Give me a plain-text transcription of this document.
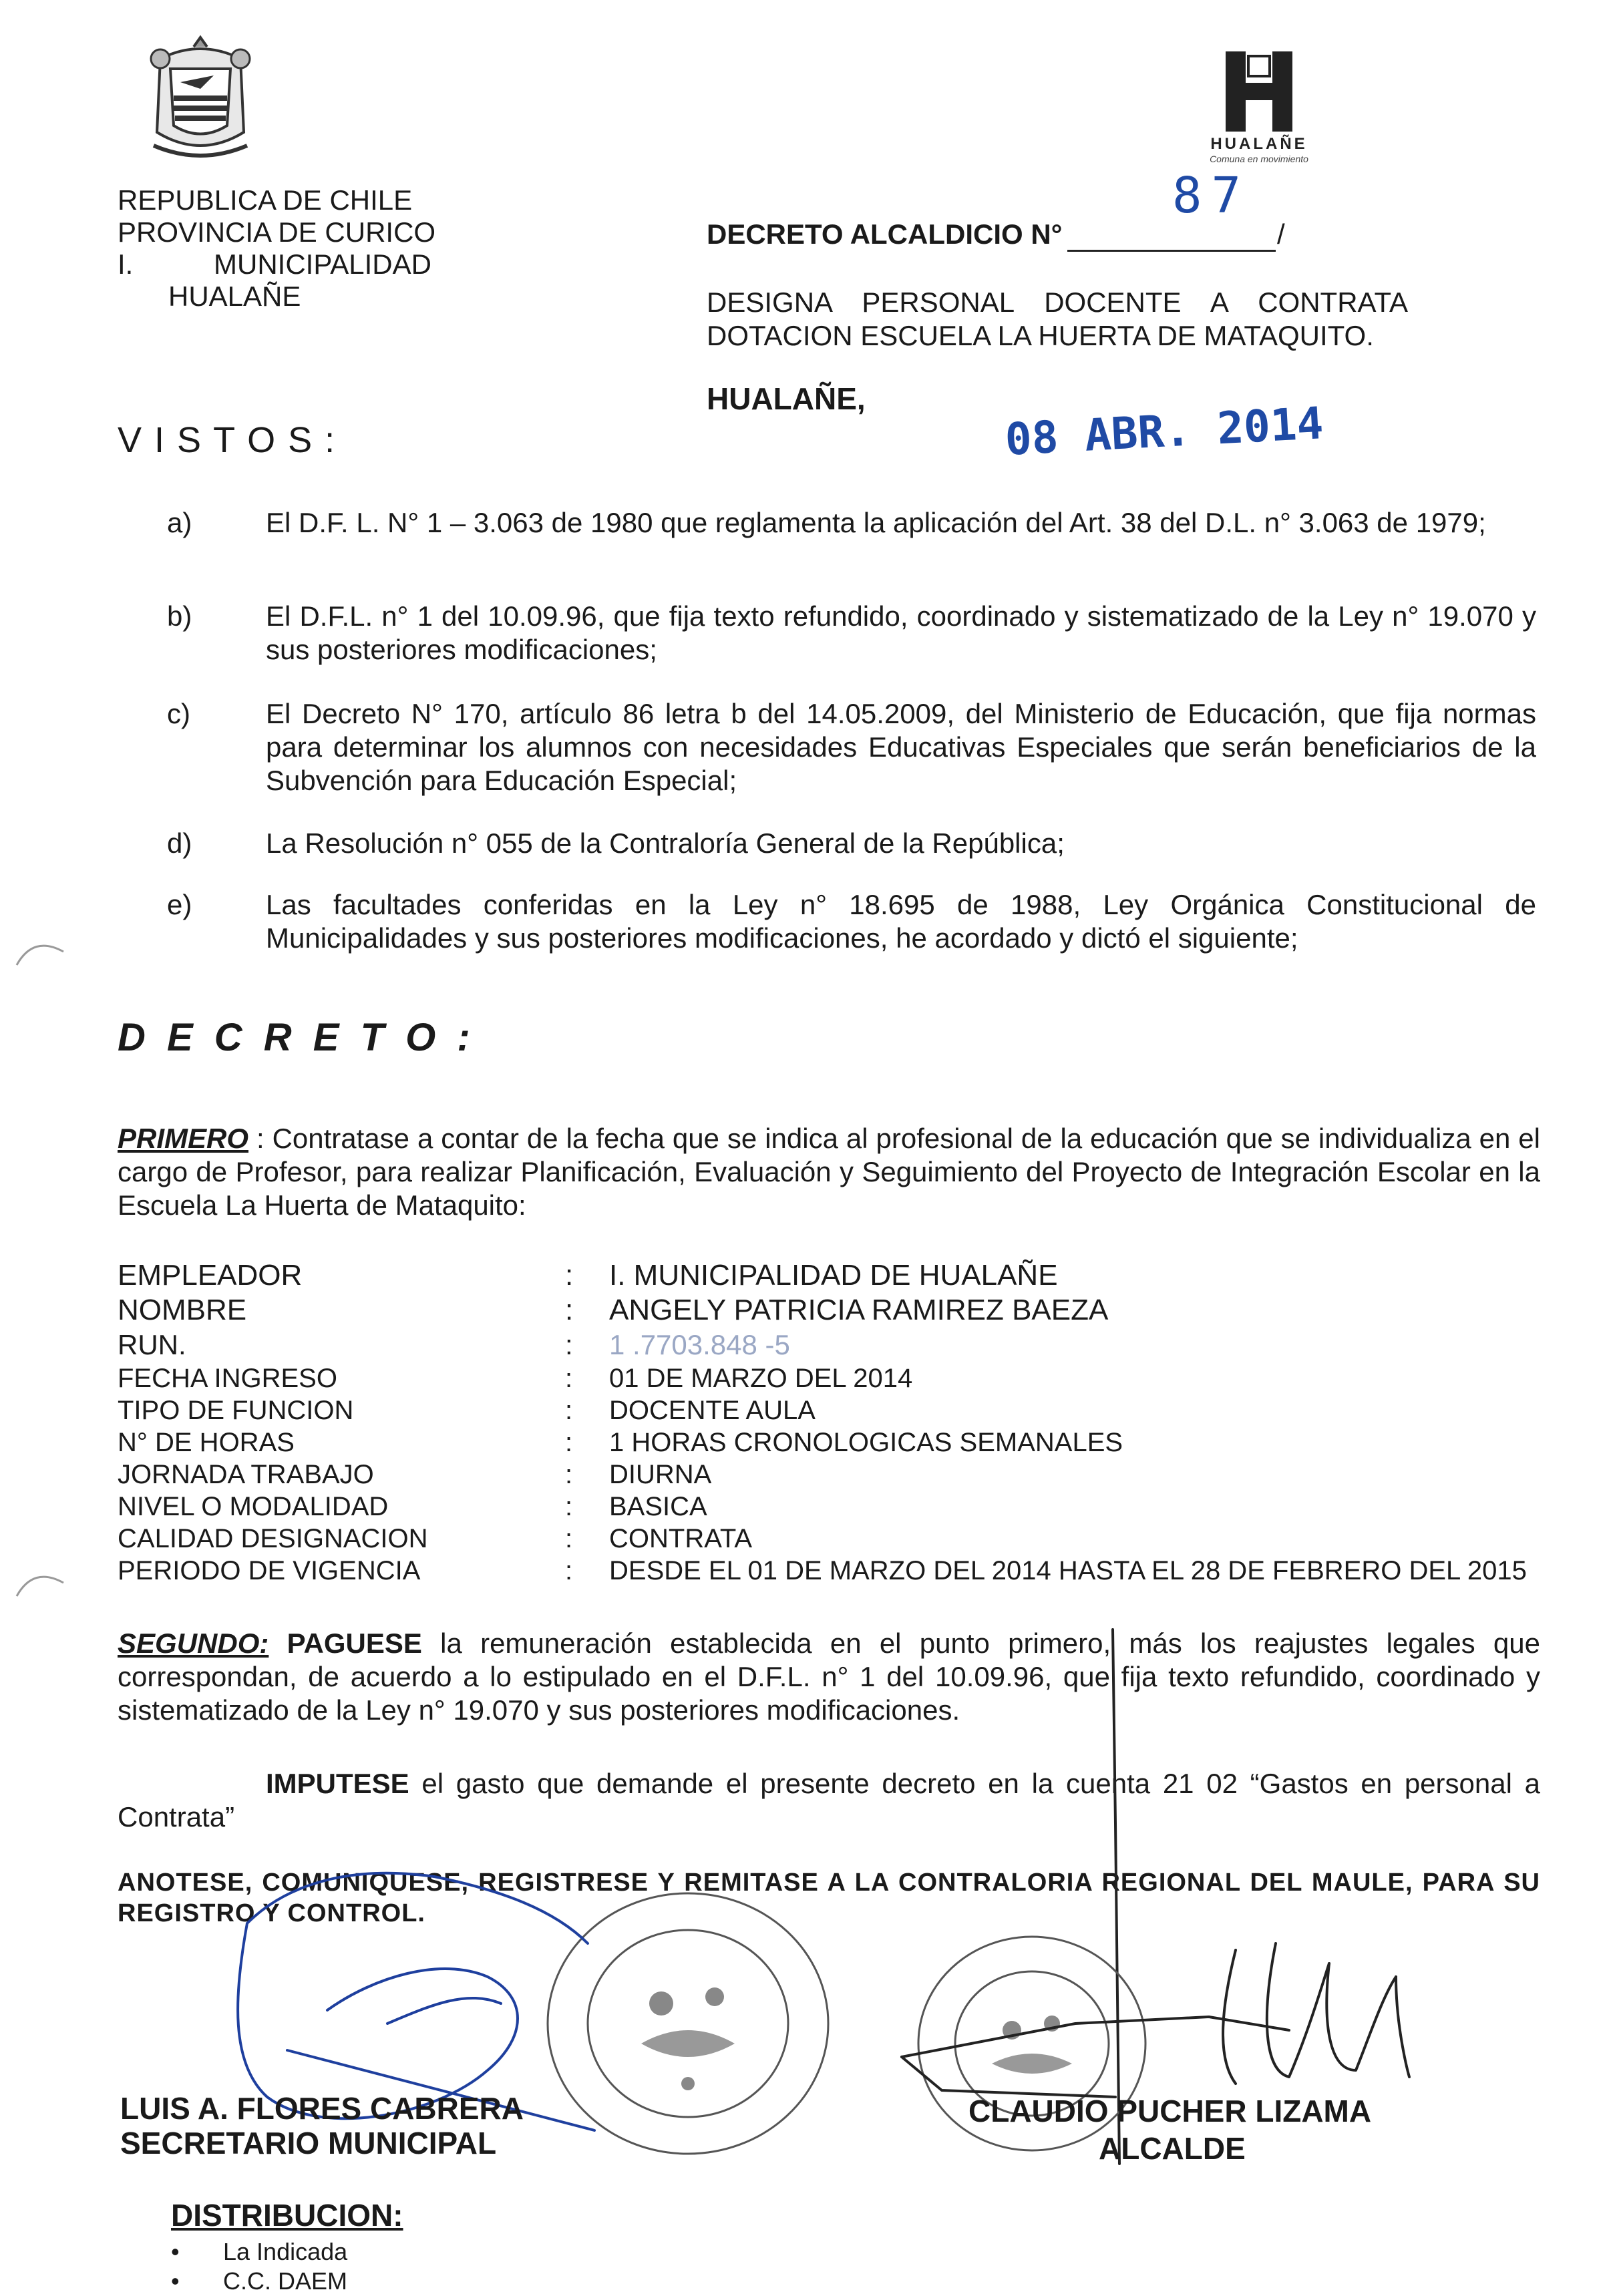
HUALAÑE
Comuna en movimiento
REPUBLICA DE CHILE
PROVINCIA DE CURICO
I.	MUNICIPALIDAD
HUALAÑE
DECRETO ALCALDICIO N°	/
87
DESIGNA PERSONAL DOCENTE A CONTRATA DOTACION ESCUELA LA HUERTA DE MATAQUITO.
HUALAÑE,	08 ABR. 2014
V I S T O S :
a)	El D.F. L. N° 1 – 3.063 de 1980 que reglamenta la aplicación del Art. 38 del D.L. n° 3.063 de 1979;
b)	El D.F.L. n° 1 del 10.09.96, que fija texto refundido, coordinado y sistematizado de la Ley n° 19.070 y sus posteriores modificaciones;
c)	El Decreto N° 170, artículo 86 letra b del 14.05.2009, del Ministerio de Educación, que fija normas para determinar los alumnos con necesidades Educativas Especiales que serán beneficiarios de la Subvención para Educación Especial;
d)	La Resolución n° 055 de la Contraloría General de la República;
e)	Las facultades conferidas en la Ley n° 18.695 de 1988, Ley Orgánica Constitucional de Municipalidades y sus posteriores modificaciones, he acordado y dictó el siguiente;
D E C R E T O :
PRIMERO : Contratase a contar de la fecha que se indica al profesional de la educación que se individualiza en el cargo de Profesor, para realizar Planificación, Evaluación y Seguimiento del Proyecto de Integración Escolar en la Escuela La Huerta de Mataquito:
EMPLEADOR	: I. MUNICIPALIDAD DE HUALAÑE
NOMBRE	: ANGELY PATRICIA RAMIREZ BAEZA
RUN.	: 1 .7703.848 -5
FECHA INGRESO	: 01 DE MARZO DEL 2014
TIPO DE FUNCION	: DOCENTE AULA
N° DE HORAS	: 1 HORAS CRONOLOGICAS SEMANALES
JORNADA TRABAJO	: DIURNA
NIVEL O MODALIDAD	: BASICA
CALIDAD DESIGNACION	: CONTRATA
PERIODO DE VIGENCIA	: DESDE EL 01 DE MARZO DEL 2014 HASTA EL 28 DE FEBRERO DEL 2015
SEGUNDO: PAGUESE la remuneración establecida en el punto primero, más los reajustes legales que correspondan, de acuerdo a lo estipulado en el D.F.L. n° 1 del 10.09.96, que fija texto refundido, coordinado y sistematizado de la Ley n° 19.070 y sus posteriores modificaciones.
IMPUTESE el gasto que demande el presente decreto en la cuenta 21 02 “Gastos en personal a Contrata”
ANOTESE, COMUNIQUESE, REGISTRESE Y REMITASE A LA CONTRALORIA REGIONAL DEL MAULE, PARA SU REGISTRO Y CONTROL.
LUIS A. FLORES CABRERA
SECRETARIO MUNICIPAL
CLAUDIO PUCHER LIZAMA
ALCALDE
DISTRIBUCION:
• La Indicada
• C.C. DAEM
